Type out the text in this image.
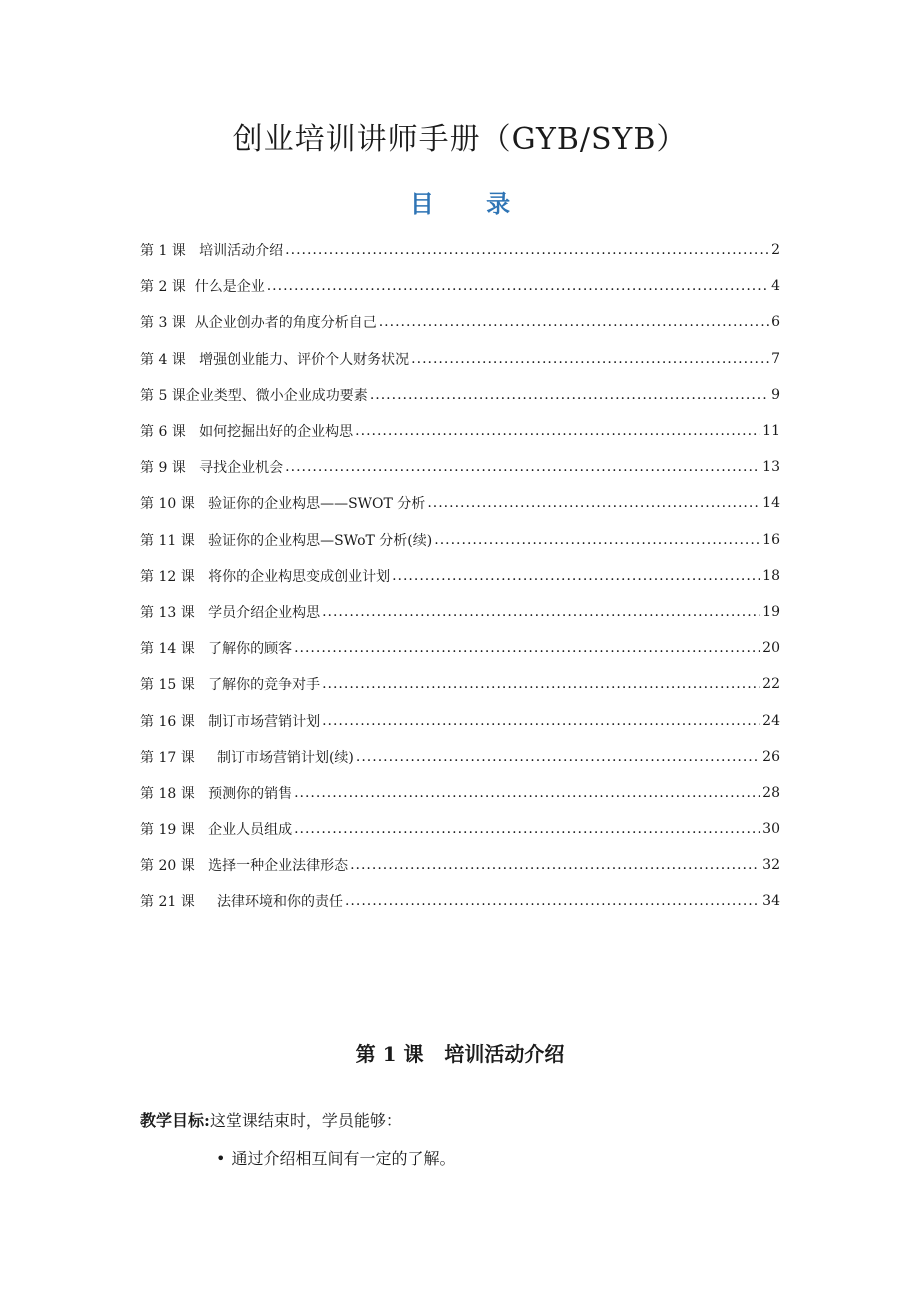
创业培训讲师手册（GYB/SYB）
目 录
第 1 课   培训活动介绍 .....	2
第 2 课  什么是企业 .....	4
第 3 课  从企业创办者的角度分析自己 .....	6
第 4 课   增强创业能力、评价个人财务状况 .....	7
第 5 课企业类型、微小企业成功要素 .....	9
第 6 课   如何挖掘出好的企业构思 .....	11
第 9 课   寻找企业机会 .....	13
第 10 课   验证你的企业构思——SWOT 分析 .....	14
第 11 课   验证你的企业构思—SWoT 分析(续) .....	16
第 12 课   将你的企业构思变成创业计划 .....	18
第 13 课   学员介绍企业构思 .....	19
第 14 课   了解你的顾客 .....	20
第 15 课   了解你的竞争对手 .....	22
第 16 课   制订市场营销计划 .....	24
第 17 课     制订市场营销计划(续) .....	26
第 18 课   预测你的销售 .....	28
第 19 课   企业人员组成 .....	30
第 20 课   选择一种企业法律形态 .....	32
第 21 课     法律环境和你的责任 .....	34
第 1 课   培训活动介绍

教学目标:这堂课结束时，学员能够：

• 通过介绍相互间有一定的了解。
